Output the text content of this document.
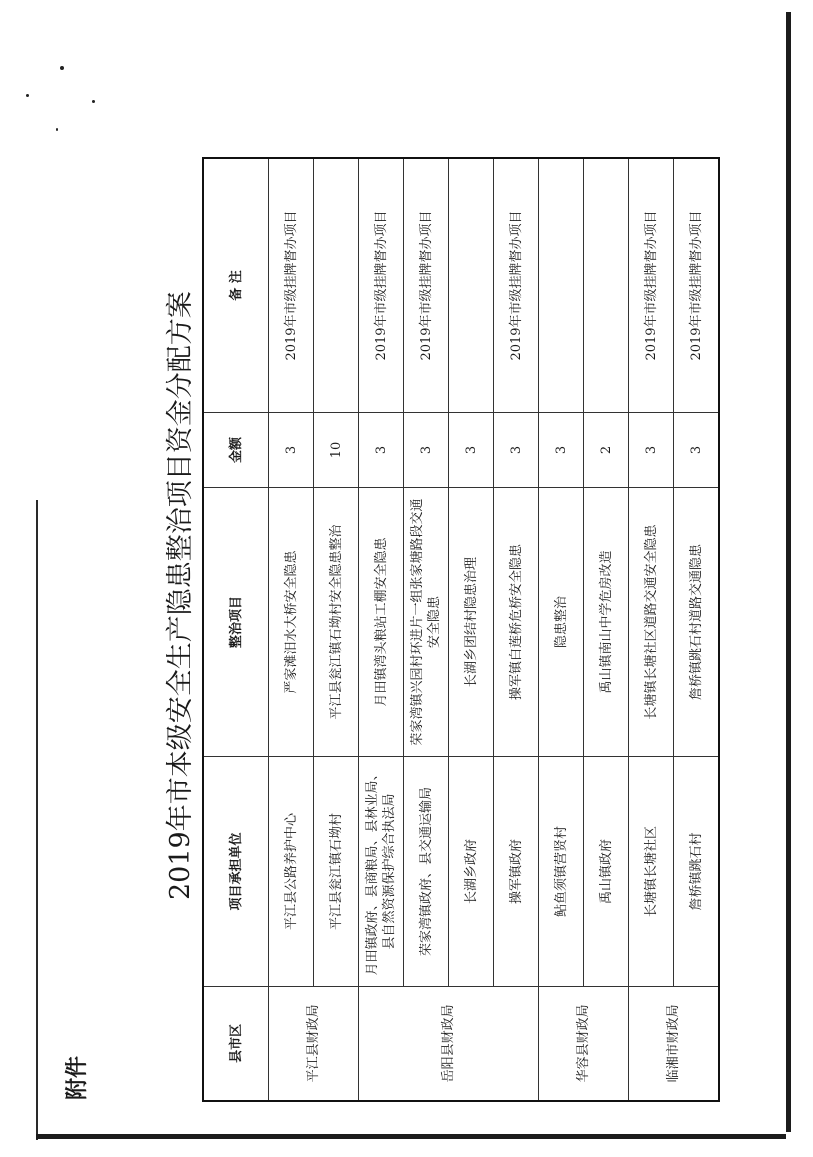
附件
2019年市本级安全生产隐患整治项目资金分配方案
县市区	项目承担单位	整治项目	金额	备 注
平江县财政局	平江县公路养护中心	严家滩汨水大桥安全隐患	3	2019年市级挂牌督办项目
	平江县瓮江镇石坳村	平江县瓮江镇石坳村安全隐患整治	10	
岳阳县财政局	月田镇政府、县商粮局、县林业局、县自然资源保护综合执法局	月田镇湾头粮站工棚安全隐患	3	2019年市级挂牌督办项目
	荣家湾镇政府、县交通运输局	荣家湾镇兴园村环进片一组张家塘路段交通安全隐患	3	2019年市级挂牌督办项目
	长湖乡政府	长湖乡团结村隐患治理	3	
	操军镇政府	操军镇白莲桥危桥安全隐患	3	2019年市级挂牌督办项目
华容县财政局	鲇鱼须镇营贤村	隐患整治	3	
	禹山镇政府	禹山镇南山中学危房改造	2	
临湘市财政局	长塘镇长塘社区	长塘镇长塘社区道路交通安全隐患	3	2019年市级挂牌督办项目
	詹桥镇跳石村	詹桥镇跳石村道路交通隐患	3	2019年市级挂牌督办项目
